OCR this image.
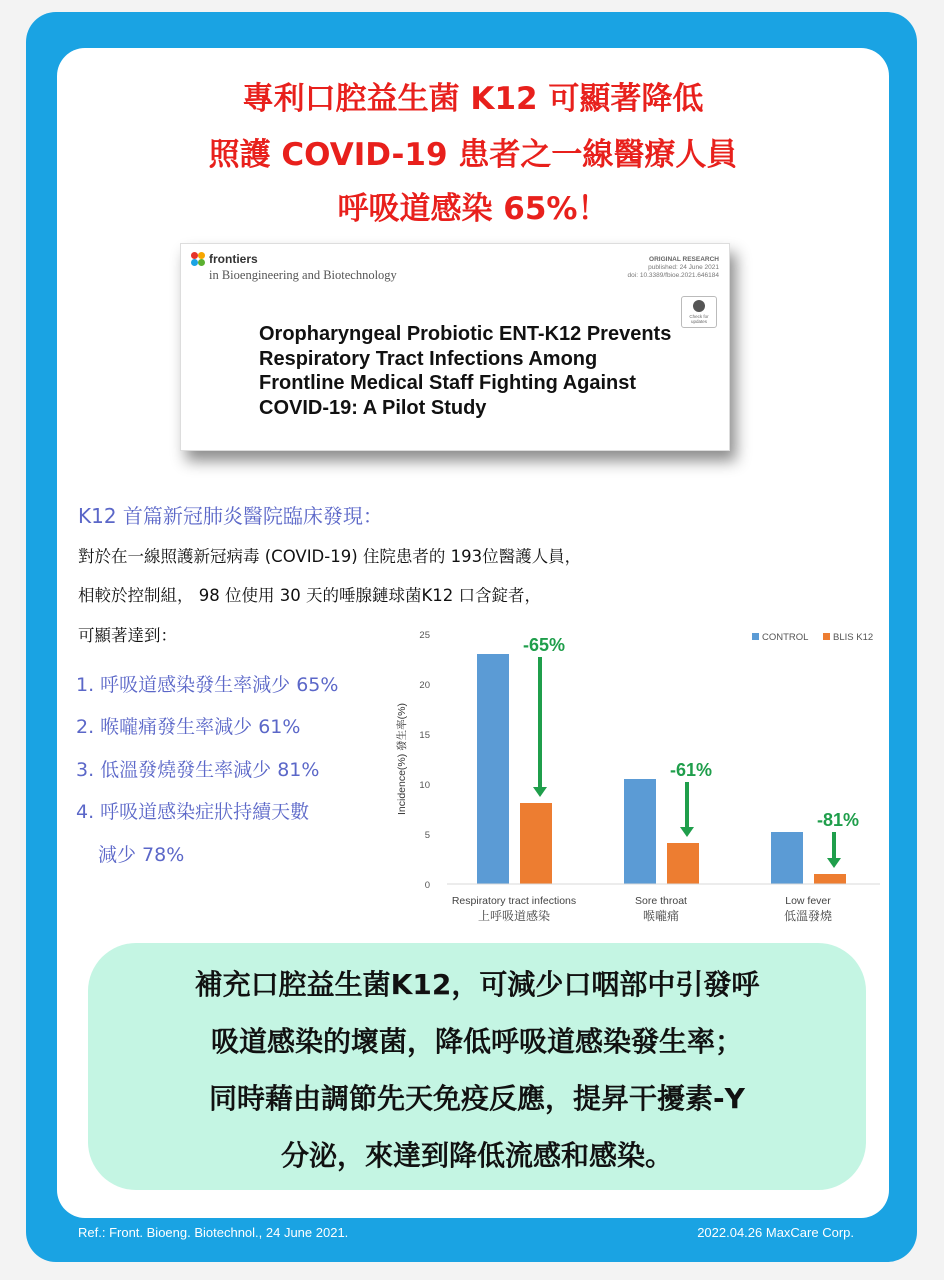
專利口腔益生菌 K12 可顯著降低
照護 COVID-19 患者之一線醫療人員
呼吸道感染 65%！
frontiers
in Bioengineering and Biotechnology
ORIGINAL RESEARCH
published: 24 June 2021
doi: 10.3389/fbioe.2021.646184
Check for updates
Oropharyngeal Probiotic ENT-K12 Prevents Respiratory Tract Infections Among Frontline Medical Staff Fighting Against COVID-19: A Pilot Study
K12 首篇新冠肺炎醫院臨床發現：
對於在一線照護新冠病毒 (COVID-19) 住院患者的 193位醫護人員，
相較於控制組， 98 位使用 30 天的唾腺鏈球菌K12 口含錠者，
可顯著達到：
1. 呼吸道感染發生率減少 65%
2. 喉嚨痛發生率減少 61%
3. 低溫發燒發生率減少 81%
4. 呼吸道感染症狀持續天數
減少 78%
0
5
10
15
20
25
Incidence(%) 發生率(%)
Respiratory tract infections
上呼吸道感染
Sore throat
喉嚨痛
Low fever
低溫發燒
CONTROL	BLIS K12
-65%
-61%
-81%
補充口腔益生菌K12，可減少口咽部中引發呼
吸道感染的壞菌，降低呼吸道感染發生率；
同時藉由調節先天免疫反應，提昇干擾素-Y
分泌，來達到降低流感和感染。
Ref.: Front. Bioeng. Biotechnol., 24 June 2021.	2022.04.26 MaxCare Corp.
